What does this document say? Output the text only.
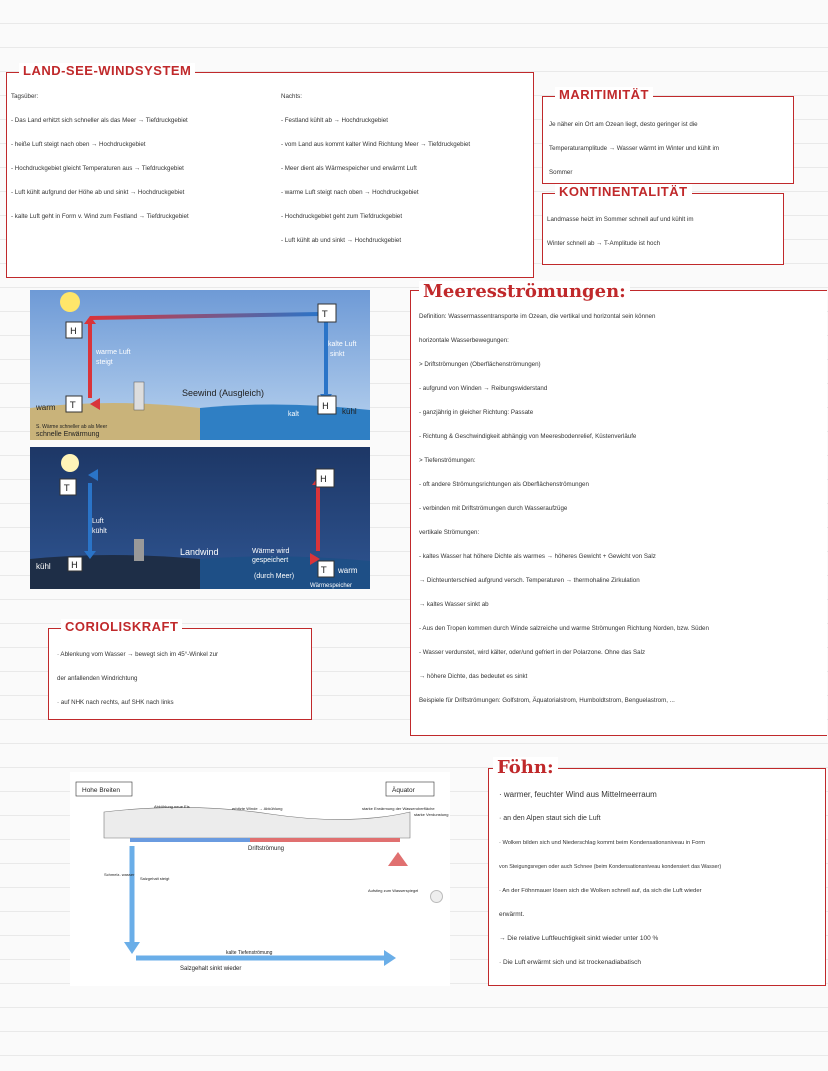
LAND-SEE-WINDSYSTEM
Tagsüber:
- Das Land erhitzt sich schneller als das Meer → Tiefdruckgebiet
- heiße Luft steigt nach oben → Hochdruckgebiet
- Hochdruckgebiet gleicht Temperaturen aus → Tiefdruckgebiet
- Luft kühlt aufgrund der Höhe ab und sinkt → Hochdruckgebiet
- kalte Luft geht in Form v. Wind zum Festland → Tiefdruckgebiet
Nachts:
- Festland kühlt ab → Hochdruckgebiet
- vom Land aus kommt kalter Wind Richtung Meer → Tiefdruckgebiet
- Meer dient als Wärmespeicher und erwärmt Luft
- warme Luft steigt nach oben → Hochdruckgebiet
- Hochdruckgebiet geht zum Tiefdruckgebiet
- Luft kühlt ab und sinkt → Hochdruckgebiet
MARITIMITÄT
Je näher ein Ort am Ozean liegt, desto geringer ist die
Temperaturamplitude → Wasser wärmt im Winter und kühlt im
Sommer
KONTINENTALITÄT
Landmasse heizt im Sommer schnell auf und kühlt im
Winter schnell ab → T-Amplitude ist hoch
H
T
T
H
warme Luft
steigt
kalte Luft
sinkt
Seewind (Ausgleich)
warm
kalt	kühl
S. Wärme schneller ab als Meer
schnelle Erwärmung
T
H
H	T
Luft
kühlt
Landwind	Wärme wird
gespeichert
(durch Meer)
kühl	warm
Wärmespeicher
Meeresströmungen:
Definition: Wassermassentransporte im Ozean, die vertikal und horizontal sein können
horizontale Wasserbewegungen:
> Driftströmungen (Oberflächenströmungen)
- aufgrund von Winden → Reibungswiderstand
- ganzjährig in gleicher Richtung: Passate
- Richtung & Geschwindigkeit abhängig von Meeresbodenrelief, Küstenverläufe
> Tiefenströmungen:
- oft andere Strömungsrichtungen als Oberflächenströmungen
- verbinden mit Driftströmungen durch Wasseraufzüge
vertikale Strömungen:
- kaltes Wasser hat höhere Dichte als warmes → höheres Gewicht + Gewicht von Salz
→ Dichteunterschied aufgrund versch. Temperaturen → thermohaline Zirkulation
→ kaltes Wasser sinkt ab
- Aus den Tropen kommen durch Winde salzreiche und warme Strömungen Richtung Norden, bzw. Süden
- Wasser verdunstet, wird kälter, oder/und gefriert in der Polarzone. Ohne das Salz
→ höhere Dichte, das bedeutet es sinkt
Beispiele für Driftströmungen: Golfstrom, Äquatorialstrom, Humboldtstrom, Benguelastrom, ...
CORIOLISKRAFT
· Ablenkung vom Wasser → bewegt sich im 45°-Winkel zur
der anfallenden Windrichtung
· auf NHK nach rechts, auf SHK nach links
Hohe Breiten	Äquator
Driftströmung
Abkühlung neue Eis	erhitzte Winde → Abkühlung	starke Erwärmung der Wasseroberfläche
starke Verdunstung
Schmelz- wasser
Salzgehalt steigt
Aufstieg zum Wasserspiegel
kalte Tiefenströmung
Salzgehalt sinkt wieder
Föhn:
· warmer, feuchter Wind aus Mittelmeerraum
· an den Alpen staut sich die Luft
· Wolken bilden sich und Niederschlag kommt beim Kondensationsniveau in Form
von Steigungsregen oder auch Schnee (beim Kondensationsniveau kondensiert das Wasser)
· An der Föhnmauer lösen sich die Wolken schnell auf, da sich die Luft wieder
erwärmt.
→ Die relative Luftfeuchtigkeit sinkt wieder unter 100 %
· Die Luft erwärmt sich und ist trockenadiabatisch
